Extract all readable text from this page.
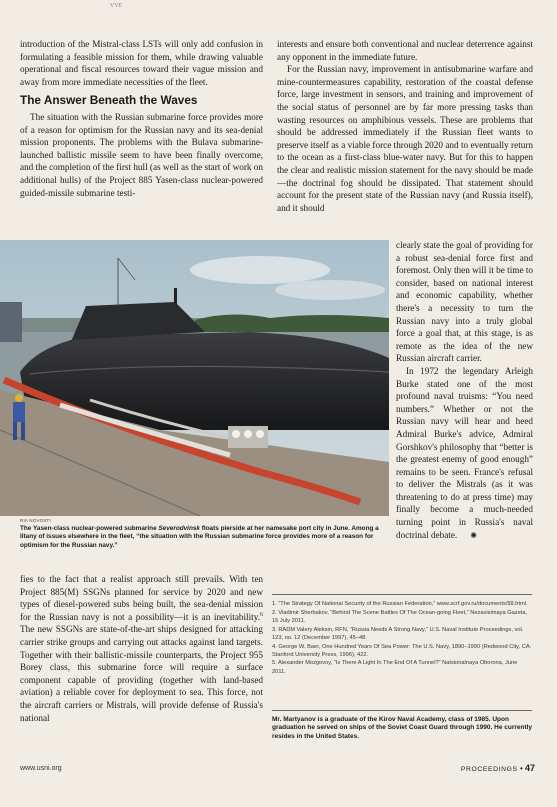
VVE

introduction of the Mistral-class LSTs will only add confusion in formulating a feasible mission for them, while drawing valuable operational and fiscal resources toward their vague mission and away from more immediate necessities of the fleet.

The Answer Beneath the Waves

The situation with the Russian submarine force provides more of a reason for optimism for the Russian navy and its sea-denial mission proponents. The problems with the Bulava submarine-launched ballistic missile seem to have been finally overcome, and the completion of the first hull (as well as the start of work on additional hulls) of the Project 885 Yasen-class nuclear-powered guided-missile submarine testi-

interests and ensure both conventional and nuclear deterrence against any opponent in the immediate future.

For the Russian navy, improvement in antisubmarine warfare and mine-countermeasures capability, restoration of the coastal defense force, large investment in sensors, and training and improvement of the social status of personnel are by far more pressing tasks than wasting resources on amphibious vessels. These are problems that should be addressed immediately if the Russian fleet wants to preserve itself as a viable force through 2020 and to eventually return to the ocean as a first-class blue-water navy. But for this to happen the clear and realistic mission statement for the navy should be made—the doctrinal fog should be dissipated. That statement should account for the present state of the Russian navy (and Russia itself), and it should

clearly state the goal of providing for a robust sea-denial force first and foremost. Only then will it be time to consider, based on national interest and economic capability, whether there's a necessity to turn the Russian navy into a truly global force a goal that, at this stage, is as remote as the idea of the new Russian aircraft carrier.

In 1972 the legendary Arleigh Burke stated one of the most profound naval truisms: “You need numbers.” Whether or not the Russian navy will hear and heed Admiral Burke's advice, Admiral Gorshkov's philosophy that “better is the greatest enemy of good enough” remains to be seen. France's refusal to deliver the Mistrals (as it was threatening to do at press time) may finally become a much-needed turning point in Russia's naval doctrinal debate. ✺

RIA NOVOSTI
The Yasen-class nuclear-powered submarine Severodvinsk floats pierside at her namesake port city in June. Among a litany of issues elsewhere in the fleet, “the situation with the Russian submarine force provides more of a reason for optimism for the Russian navy.”

fies to the fact that a realist approach still prevails. With ten Project 885(M) SSGNs planned for service by 2020 and new types of diesel-powered subs being built, the sea-denial mission for the Russian navy is not a possibility—it is an inevitability.$^6$ The new SSGNs are state-of-the-art ships designed for attacking carrier strike groups and carrying out attacks against land targets. Together with their ballistic-missile counterparts, the Project 955 Borey class, this submarine force will require a surface component capable of providing (together with land-based aviation) a reliable cover for deployment to sea. This force, not the aircraft carriers or Mistrals, will provide defense of Russia's national

1. “The Strategy Of National Security of the Russian Federation,” www.scrf.gov.ru/documents/99.html.
2. Vladimir Sherbakov, “Behind The Scene Battles Of The Ocean-going Fleet,” Nezavisimaya Gazeta, 15 July 2011.
3. RADM Valery Aleksin, RFN, “Russia Needs A Strong Navy,” U.S. Naval Institute Proceedings, vol. 123, no. 12 (December 1997), 45–48.
4. George W. Baer, One Hundred Years Of Sea Power: The U.S. Navy, 1890–1990 (Redwood City, CA: Stanford University Press, 1996), 422.
5. Alexander Mozgovoy, “Is There A Light In The End Of A Tunnel?” Natsionalnaya Oborona, June 2011.
Mr. Martyanov is a graduate of the Kirov Naval Academy, class of 1985. Upon graduation he served on ships of the Soviet Coast Guard through 1990. He currently resides in the United States.
www.usni.org	PROCEEDINGS • 47
